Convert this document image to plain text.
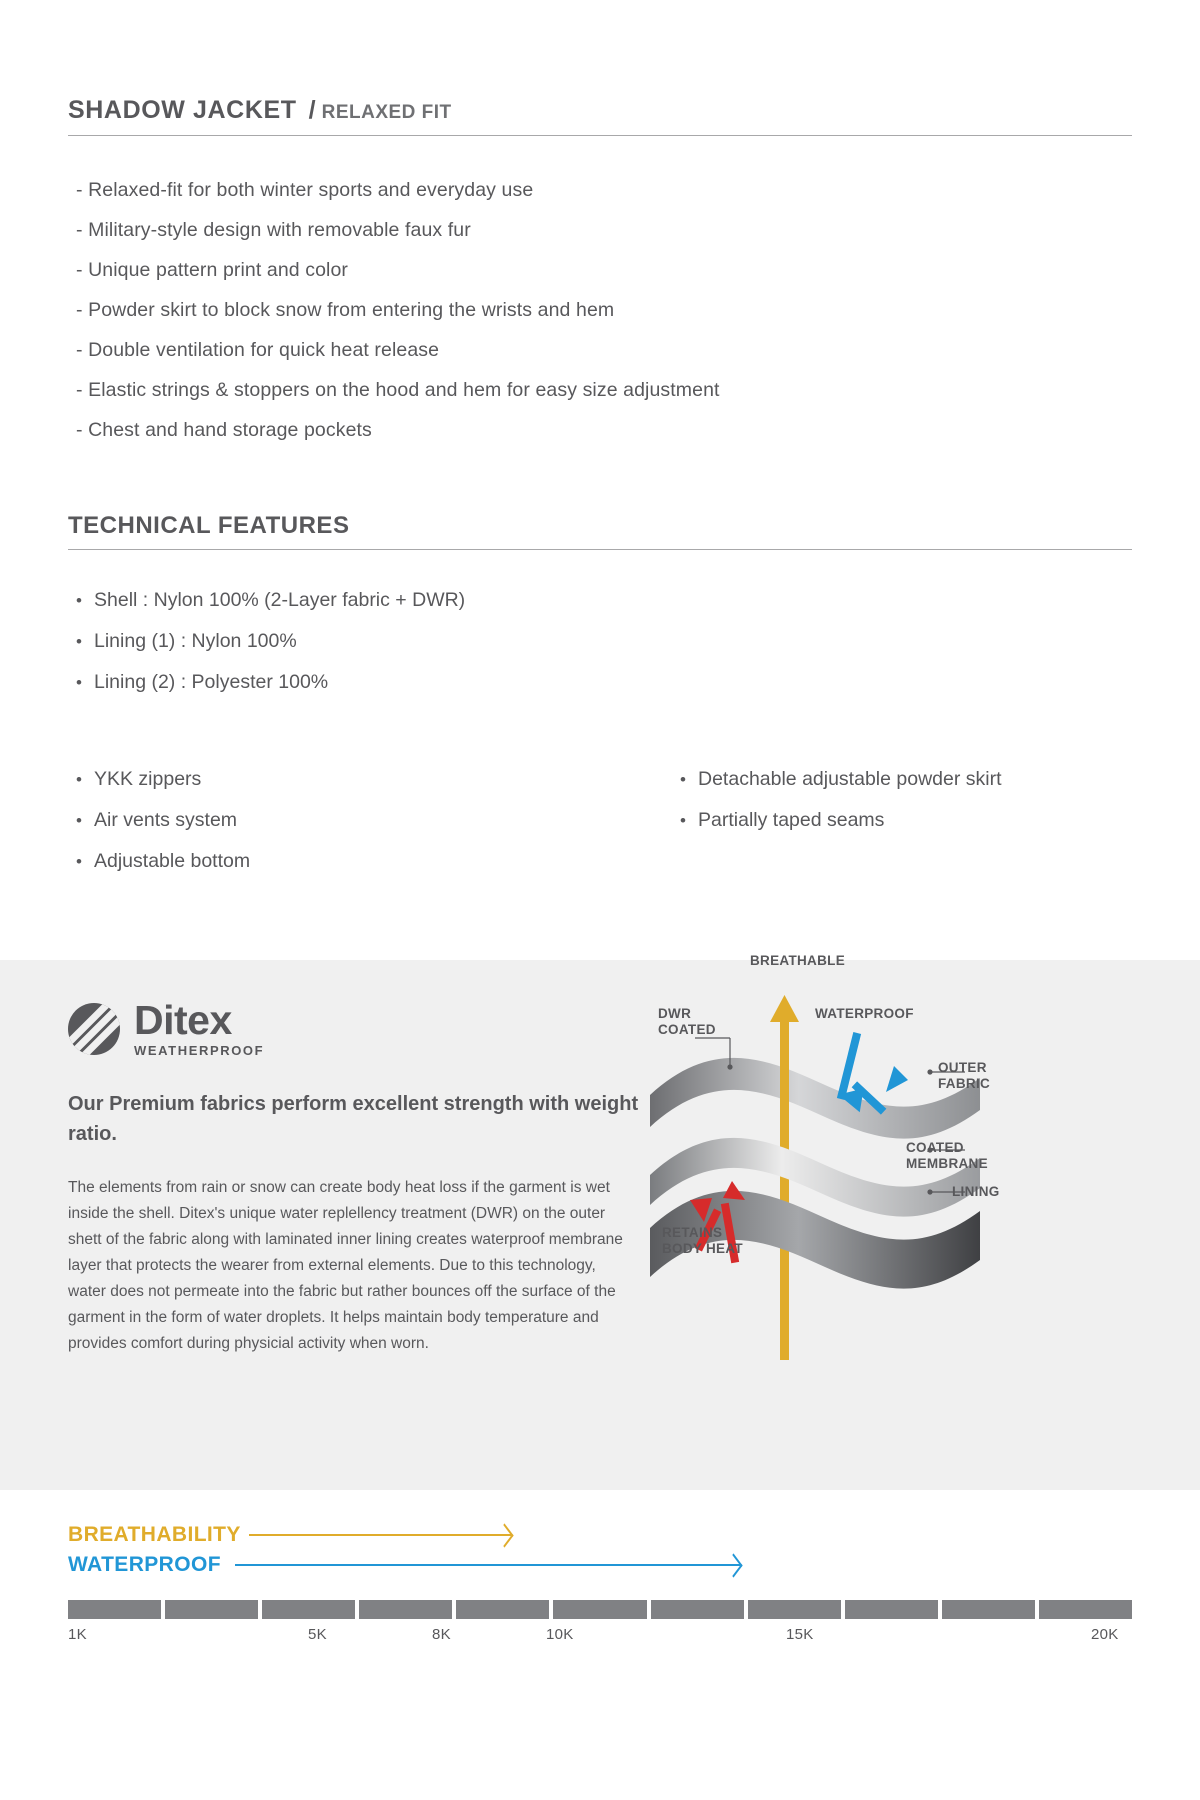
SHADOW JACKET / RELAXED FIT
- Relaxed-fit for both winter sports and everyday use
- Military-style design with removable faux fur
- Unique pattern print and color
- Powder skirt to block snow from entering the wrists and hem
- Double ventilation for quick heat release
- Elastic strings & stoppers on the hood and hem for easy size adjustment
- Chest and hand storage pockets
TECHNICAL FEATURES
• Shell : Nylon 100% (2-Layer fabric + DWR)
• Lining (1) : Nylon 100%
• Lining (2) : Polyester 100%
• YKK zippers
• Air vents system
• Adjustable bottom
• Detachable adjustable powder skirt
• Partially taped seams
Ditex
WEATHERPROOF
Our Premium fabrics perform excellent strength with weight ratio.
The elements from rain or snow can create body heat loss if the garment is wet inside the shell. Ditex's unique water replellency treatment (DWR) on the outer shett of the fabric along with laminated inner lining creates waterproof membrane layer that protects the wearer from external elements. Due to this technology, water does not permeate into the fabric but rather bounces off the surface of the garment in the form of water droplets. It helps maintain body temperature and provides comfort during physicial activity when worn.
BREATHABLE
WATERPROOF
DWR
COATED
OUTER
FABRIC
COATED
MEMBRANE
LINING
RETAINS
BODY HEAT
BREATHABILITY
WATERPROOF
1K	5K	8K	10K	15K	20K
